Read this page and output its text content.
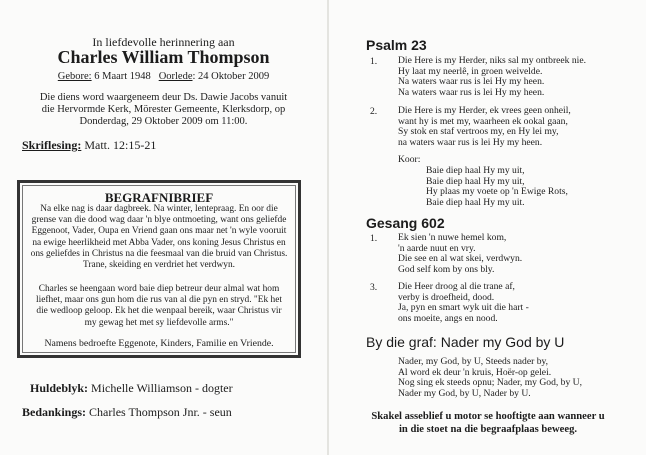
In liefdevolle herinnering aan
Charles William Thompson
Gebore: 6 Maart 1948 Oorlede: 24 Oktober 2009
Die diens word waargeneem deur Ds. Dawie Jacobs vanuit
die Hervormde Kerk, Mörester Gemeente, Klerksdorp, op
Donderdag, 29 Oktober 2009 om 11:00.
Skriflesing: Matt. 12:15-21
BEGRAFNIBRIEF
Na elke nag is daar dagbreek. Na winter, lentepraag. En oor die
grense van die dood wag daar 'n blye ontmoeting, want ons geliefde
Eggenoot, Vader, Oupa en Vriend gaan ons maar net 'n wyle vooruit
na ewige heerlikheid met Abba Vader, ons koning Jesus Christus en
ons geliefdes in Christus na die feesmaal van die bruid van Christus.
Trane, skeiding en verdriet het verdwyn.
Charles se heengaan word baie diep betreur deur almal wat hom
liefhet, maar ons gun hom die rus van al die pyn en stryd. "Ek het
die wedloop geloop. Ek het die wenpaal bereik, waar Christus vir
my gewag het met sy liefdevolle arms."
Namens bedroefte Eggenote, Kinders, Familie en Vriende.
Huldeblyk: Michelle Williamson - dogter
Bedankings: Charles Thompson Jnr. - seun
Psalm 23
1. Die Here is my Herder, niks sal my ontbreek nie.
Hy laat my neerlê, in groen weivelde.
Na waters waar rus is lei Hy my heen.
Na waters waar rus is lei Hy my heen.
2. Die Here is my Herder, ek vrees geen onheil,
want hy is met my, waarheen ek ookal gaan,
Sy stok en staf vertroos my, en Hy lei my,
na waters waar rus is lei Hy my heen.
Koor:
Baie diep haal Hy my uit,
Baie diep haal Hy my uit,
Hy plaas my voete op 'n Ewige Rots,
Baie diep haal Hy my uit.
Gesang 602
1. Ek sien 'n nuwe hemel kom,
'n aarde nuut en vry.
Die see en al wat skei, verdwyn.
God self kom by ons bly.
3. Die Heer droog al die trane af,
verby is droefheid, dood.
Ja, pyn en smart wyk uit die hart -
ons moeite, angs en nood.
By die graf: Nader my God by U
Nader, my God, by U, Steeds nader by,
Al word ek deur 'n kruis, Hoër-op gelei.
Nog sing ek steeds opnu; Nader, my God, by U,
Nader my God, by U, Nader by U.
Skakel asseblief u motor se hooftigte aan wanneer u
in die stoet na die begraafplaas beweeg.
